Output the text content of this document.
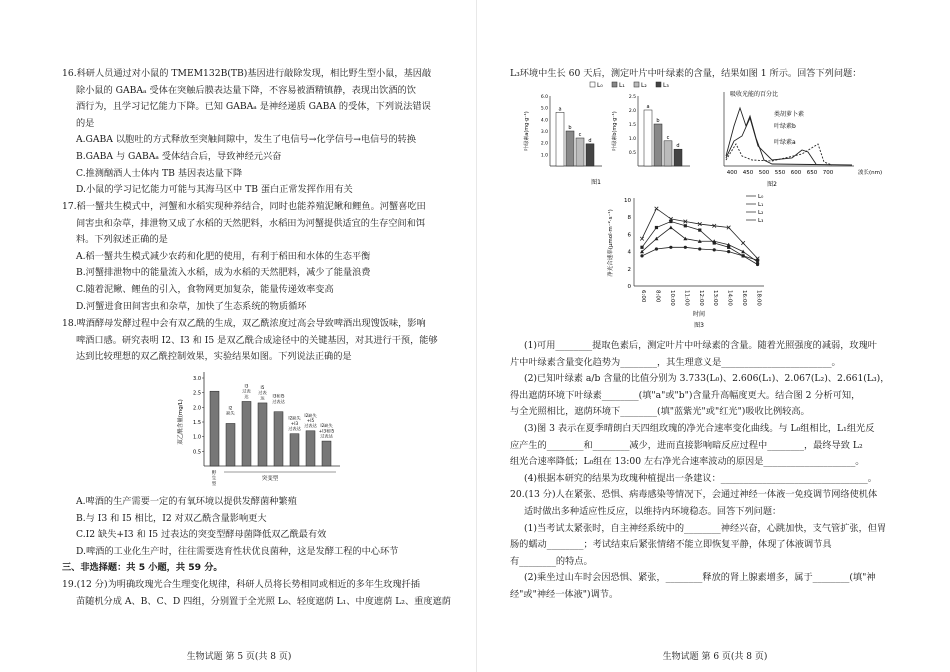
16.科研人员通过对小鼠的 TMEM132B(TB)基因进行敲除发现，相比野生型小鼠，基因敲

除小鼠的 GABAₐ 受体在突触后膜表达量下降，不容易被酒精镇静，表现出饮酒的饮

酒行为，且学习记忆能力下降。已知 GABAₐ 是神经递质 GABA 的受体，下列说法错误

的是

A.GABA 以胞吐的方式释放至突触间隙中，发生了电信号→化学信号→电信号的转换

B.GABA 与 GABAₐ 受体结合后，导致神经元兴奋

C.推测酗酒人士体内 TB 基因表达量下降

D.小鼠的学习记忆能力可能与其海马区中 TB 蛋白正常发挥作用有关

17.稻一蟹共生模式中，河蟹和水稻实现种养结合，同时也能养殖泥鳅和鲤鱼。河蟹喜吃田

间害虫和杂草，排泄物又成了水稻的天然肥料，水稻田为河蟹提供适宜的生存空间和饵

料。下列叙述正确的是

A.稻一蟹共生模式减少农药和化肥的使用，有利于稻田和水体的生态平衡

B.河蟹排泄物中的能量流入水稻，成为水稻的天然肥料，减少了能量浪费

C.随着泥鳅、鲤鱼的引入，食物网更加复杂，能量传递效率变高

D.河蟹进食田间害虫和杂草，加快了生态系统的物质循环

18.啤酒酵母发酵过程中会有双乙酰的生成，双乙酰浓度过高会导致啤酒出现馊饭味，影响

啤酒口感。研究表明 I2、I3 和 I5 是双乙酰合成途径中的关键基因，对其进行干预，能够

达到比较理想的双乙酰控制效果，实验结果如图。下列说法正确的是

0.5
1.0
1.5
2.0
2.5
3.0
双乙酰含量(mg/L)	I2 缺失
I3 过表达
I5 过表达	I3和I5 过表达
I2缺失+I3 过表达
I2缺失+I5 过表达 I2缺失+I3和I5 过表达
野生型
突变型

A.啤酒的生产需要一定的有氧环境以提供发酵菌种繁殖

B.与 I3 和 I5 相比，I2 对双乙酰含量影响更大

C.I2 缺失+I3 和 I5 过表达的突变型酵母菌降低双乙酰最有效

D.啤酒的工业化生产时，往往需要选育性状优良菌种，这是发酵工程的中心环节

三、非选择题：共 5 小题，共 59 分。

19.(12 分)为明确玫瑰光合生理变化规律，科研人员将长势相同或相近的多年生玫瑰扦插

苗随机分成 A、B、C、D 四组，分别置于全光照 L₀、轻度遮荫 L₁、中度遮荫 L₂、重度遮荫

生物试题 第 5 页(共 8 页)

L₃环境中生长 60 天后，测定叶片中叶绿素的含量，结果如图 1 所示。回答下列问题：

L₀	L₁	L₂	L₃
1.0
2.0
3.0
4.0
5.0
6.0
叶绿素a(mg·g⁻¹)
a
b
c
d
0.5
1.0
1.5
2.0
2.5
叶绿素b(mg·g⁻¹)
a
b
c
d
图1
吸收光能的百分比
400 450 500 550 600 650 700	波长(nm)
类胡萝卜素
叶绿素b
叶绿素a
图2
0
2
4
6
8
10
净光合速率(μmol·m⁻²·s⁻¹)
6:00 8:00 10:00 11:00 12:00 13:00 14:00 16:00 18:00
时间
图3
L₀
L₁
L₂
L₃

(1)可用________提取色素后，测定叶片中叶绿素的含量。随着光照强度的减弱，玫瑰叶

片中叶绿素含量变化趋势为________，其生理意义是________________________。

(2)已知叶绿素 a/b 含量的比值分别为 3.733(L₀)、2.606(L₁)、2.067(L₂)、2.661(L₃)，

得出遮荫环境下叶绿素________(填"a"或"b")含量升高幅度更大。结合图 2 分析可知，

与全光照相比，遮荫环境下________(填"蓝紫光"或"红光")吸收比例较高。

(3)图 3 表示在夏季晴朗白天四组玫瑰的净光合速率变化曲线。与 L₀组相比，L₁组光反

应产生的________和________减少，进而直接影响暗反应过程中________，最终导致 L₂

组光合速率降低；L₀组在 13:00 左右净光合速率波动的原因是____________________。

(4)根据本研究的结果为玫瑰种植提出一条建议：________________________________。

20.(13 分)人在紧张、恐惧、病毒感染等情况下，会通过神经一体液一免疫调节网络使机体

适时做出多种适应性反应，以维持内环境稳态。回答下列问题：

(1)当考试太紧张时，自主神经系统中的________神经兴奋，心跳加快，支气管扩张，但胃

肠的蠕动________；考试结束后紧张情绪不能立即恢复平静，体现了体液调节具

有________的特点。

(2)乘坐过山车时会因恐惧、紧张，________释放的肾上腺素增多，属于________(填"神

经"或"神经一体液")调节。

生物试题 第 6 页(共 8 页)
